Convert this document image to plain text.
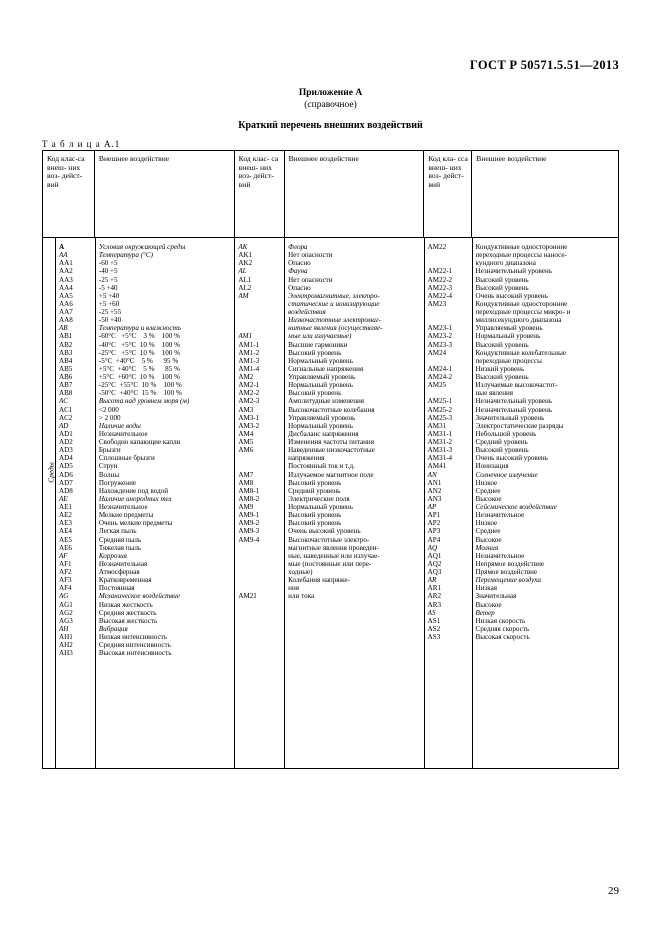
ГОСТ Р 50571.5.51—2013
Приложение А
(справочное)
Краткий перечень внешних воздействий
Т а б л и ц а А.1
Код клас-са внеш- них воз- дейст- вий
Внешнее воздействие	Код клас- са внеш- них воз- дейст- вий
Внешнее воздействие	Код кла- сса внеш- них воз- дейст- вий
Внешнее воздействие
Среды
A
AA
AA1
AA2
AA3
AA4
AA5
AA6
AA7
AA8
AB
AB1
AB2
AB3
AB4
AB5
AB6
AB7
AB8
AC
AC1
AC2
AD
AD1
AD2
AD3
AD4
AD5
AD6
AD7
AD8
AE
AE1
AE2
AE3
AE4
AE5
AE6
AF
AF1
AF2
AF3
AF4
AG
AG1
AG2
AG3
AH
AH1
AH2
AH3
Условия окружающей среды
Температура (°С)
-60 +5
-40 +5
-25 +5
-5 +40
+5 +40
+5 +60
-25 +55
-50 +40
Температура и влажность
-60°C   +5°C    3 %    100 %
-40°C   +5°C  10 %    100 %
-25°C   +5°C  10 %    100 %
-5°C  +40°C    5 %      95 %
+5°C  +40°C    5 %      85 %
+5°C  +60°C  10 %    100 %
-25°C  +55°C  10 %    100 %
-50°C  +40°C  15 %    100 %
Высота над уровнем моря (м)
<2 000
> 2 000
Наличие воды
Незначительное
Свободно капающие капли
Брызги
Сплошные брызги
Струи
Волны
Погружение
Нахождение под водой
Наличие инородных тел
Незначительное
Мелкие предметы
Очень мелкие предметы
Легкая пыль
Средняя пыль
Тяжелая пыль
Коррозия
Незначительная
Атмосферная
Кратковременная
Постоянная
Механическое воздействие
Низкая жесткость
Средняя жесткость
Высокая жесткость
Вибрация
Низкая интенсивность
Средняя интенсивность
Высокая интенсивность
AK
AK1
AK2
AL
AL1
AL2
AM

AM1
AM1-1
AM1-2
AM1-3
AM1-4
AM2
AM2-1
AM2-2
AM2-3
AM3
AM3-1
AM3-2
AM4
AM5
AM6

AM7
AM8
AM8-1
AM8-2
AM9
AM9-1
AM9-2
AM9-3
AM9-4

AM21
Флора
Нет опасности
Опасно
Фауна
Нет опасности
Опасно
Электромагнитные, электро-
статические и ионизирующие
воздействия
Низкочастотные электромаг-
нитные явления (осуществляе-
мые или излучаемые)
Высшие гармоники
Высокий уровень
Нормальный уровень
Сигнальные напряжения
Управляемый уровень
Нормальный уровень
Высокий уровень
Амплитудные изменения
Высокочастотные колебания
Управляемый уровень
Нормальный уровень
Дисбаланс напряжения
Изменения частоты питания
Наведенные низкочастотные
напряжения
Постоянный ток и т.д.
Излучаемое магнитное поле
Высокий уровень
Средний уровень
Электрические поля
Нормальный уровень
Высокий уровень
Высокий уровень
Очень высокий уровень
Высокочастотные электро-
магнитные явления проведен-
ные, наведенные или излучае-
мые (постоянные или пере-
ходные)
Колебания напряже-
ния
или тока
AM22

AM22-1
AM22-2
AM22-3
AM22-4
AM23

AM23-1
AM23-2
AM23-3
AM24

AM24-1
AM24-2
AM25

AM25-1
AM25-2
AM25-3
AM31
AM31-1
AM31-2
AM31-3
AM31-4
AM41
AN
AN1
AN2
AN3
AP
AP1
AP2
AP3
AP4
AQ
AQ1
AQ2
AQ3
AR
AR1
AR2
AR3
AS
AS1
AS2
AS3
Кондуктивные односторонние
переходные процессы наносе-
кундного диапазона
Незначительный уровень
Высокий уровень
Высокий уровень
Очень высокий уровень
Кондуктивные односторонние
переходные процессы микро- и
миллисекундного диапазона
Управляемый уровень
Нормальный уровень
Высокий уровень
Кондуктивные колебательные
переходные процессы
Низкий уровень
Высокий уровень
Излучаемые высокочастот-
ные явления
Незначительный уровень
Незначительный уровень
Значительный уровень
Электростатические разряды
Небольшой уровень
Средний уровень
Высокий уровень
Очень высокий уровень
Ионизация
Солнечное излучение
Низкое
Среднее
Высокое
Сейсмическое воздействие
Незначительное
Низкое
Среднее
Высокое
Молния
Незначительное
Непрямое воздействие
Прямое воздействие
Перемещение воздуха
Низкая
Значительная
Высокое
Ветер
Низкая скорость
Средняя скорость
Высокая скорость
29
